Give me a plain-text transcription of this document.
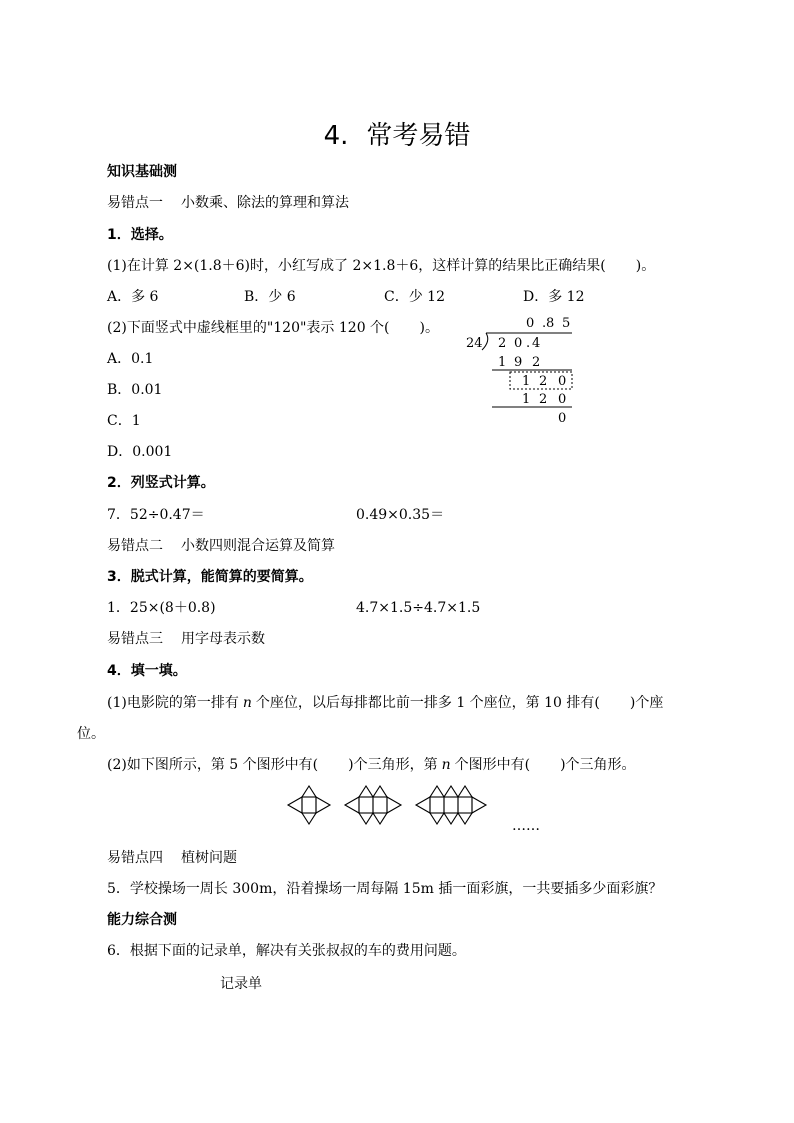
4. 常考易错
知识基础测
易错点一 小数乘、除法的算理和算法
1．选择。
(1)在计算 2×(1.8＋6)时，小红写成了 2×1.8＋6，这样计算的结果比正确结果( )。
A．多 6	B．少 6	C．少 12	D．多 12
(2)下面竖式中虚线框里的"120"表示 120 个( )。
A．0.1
B．0.01
C．1
D．0.001
0 . 8 5
24 2 0 . 4
1 9 2
1 2 0
1 2 0
0
2．列竖式计算。
7．52÷0.47＝	0.49×0.35＝
易错点二 小数四则混合运算及简算
3．脱式计算，能简算的要简算。
1．25×(8＋0.8)	4.7×1.5÷4.7×1.5
易错点三 用字母表示数
4．填一填。
(1)电影院的第一排有 n 个座位，以后每排都比前一排多 1 个座位，第 10 排有( )个座
位。
(2)如下图所示，第 5 个图形中有( )个三角形，第 n 个图形中有( )个三角形。
……
易错点四 植树问题
5．学校操场一周长 300m，沿着操场一周每隔 15m 插一面彩旗，一共要插多少面彩旗？
能力综合测
6．根据下面的记录单，解决有关张叔叔的车的费用问题。
记录单
